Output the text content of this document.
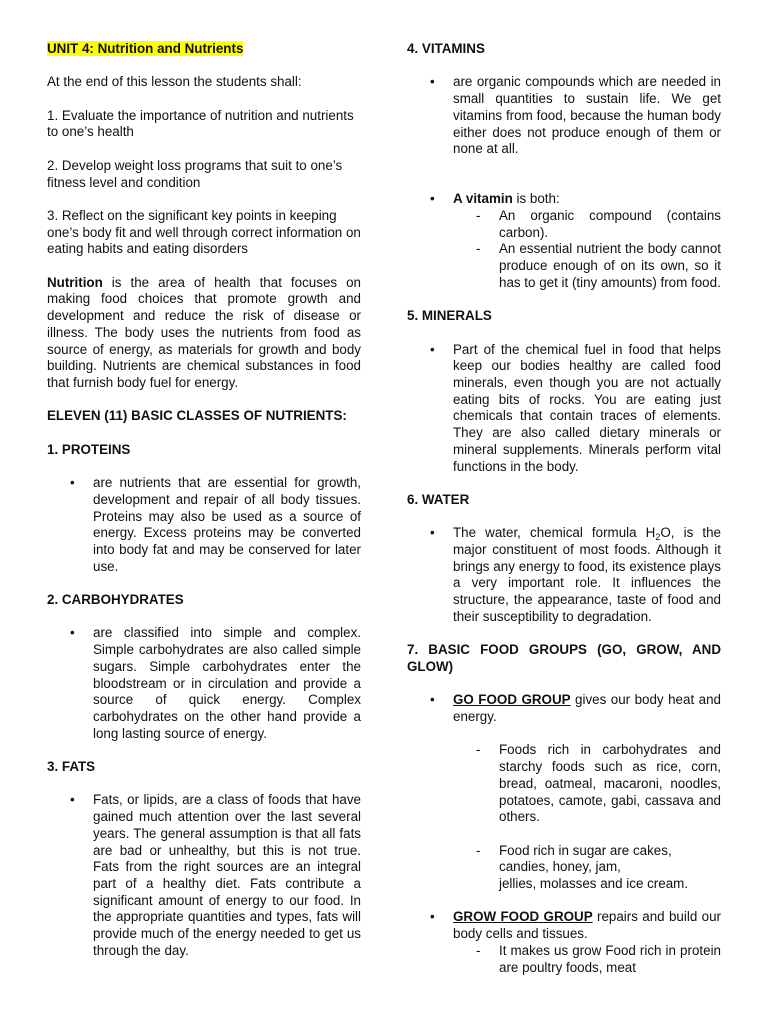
UNIT 4: Nutrition and Nutrients

At the end of this lesson the students shall:

1. Evaluate the importance of nutrition and nutrients to one’s health

2. Develop weight loss programs that suit to one’s fitness level and condition

3. Reflect on the significant key points in keeping one’s body fit and well through correct information on eating habits and eating disorders

Nutrition is the area of health that focuses on making food choices that promote growth and development and reduce the risk of disease or illness. The body uses the nutrients from food as source of energy, as materials for growth and body building. Nutrients are chemical substances in food that furnish body fuel for energy.

ELEVEN (11) BASIC CLASSES OF NUTRIENTS:

1. PROTEINS

• are nutrients that are essential for growth, development and repair of all body tissues. Proteins may also be used as a source of energy. Excess proteins may be converted into body fat and may be conserved for later use.

2. CARBOHYDRATES

• are classified into simple and complex. Simple carbohydrates are also called simple sugars. Simple carbohydrates enter the bloodstream or in circulation and provide a source of quick energy. Complex carbohydrates on the other hand provide a long lasting source of energy.

3. FATS

• Fats, or lipids, are a class of foods that have gained much attention over the last several years. The general assumption is that all fats are bad or unhealthy, but this is not true. Fats from the right sources are an integral part of a healthy diet. Fats contribute a significant amount of energy to our food. In the appropriate quantities and types, fats will provide much of the energy needed to get us through the day.

4. VITAMINS

• are organic compounds which are needed in small quantities to sustain life. We get vitamins from food, because the human body either does not produce enough of them or none at all.
• A vitamin is both:
- An organic compound (contains carbon).
- An essential nutrient the body cannot produce enough of on its own, so it has to get it (tiny amounts) from food.

5. MINERALS

• Part of the chemical fuel in food that helps keep our bodies healthy are called food minerals, even though you are not actually eating bits of rocks. You are eating just chemicals that contain traces of elements. They are also called dietary minerals or mineral supplements. Minerals perform vital functions in the body.

6. WATER

• The water, chemical formula $H_2O$, is the major constituent of most foods. Although it brings any energy to food, its existence plays a very important role. It influences the structure, the appearance, taste of food and their susceptibility to degradation.

7. BASIC FOOD GROUPS (GO, GROW, AND GLOW)

• GO FOOD GROUP gives our body heat and energy.
- Foods rich in carbohydrates and starchy foods such as rice, corn, bread, oatmeal, macaroni, noodles, potatoes, camote, gabi, cassava and others.
- Food rich in sugar are cakes,
candies, honey, jam,
jellies, molasses and ice cream.
• GROW FOOD GROUP repairs and build our body cells and tissues.
- It makes us grow Food rich in protein are poultry foods, meat
